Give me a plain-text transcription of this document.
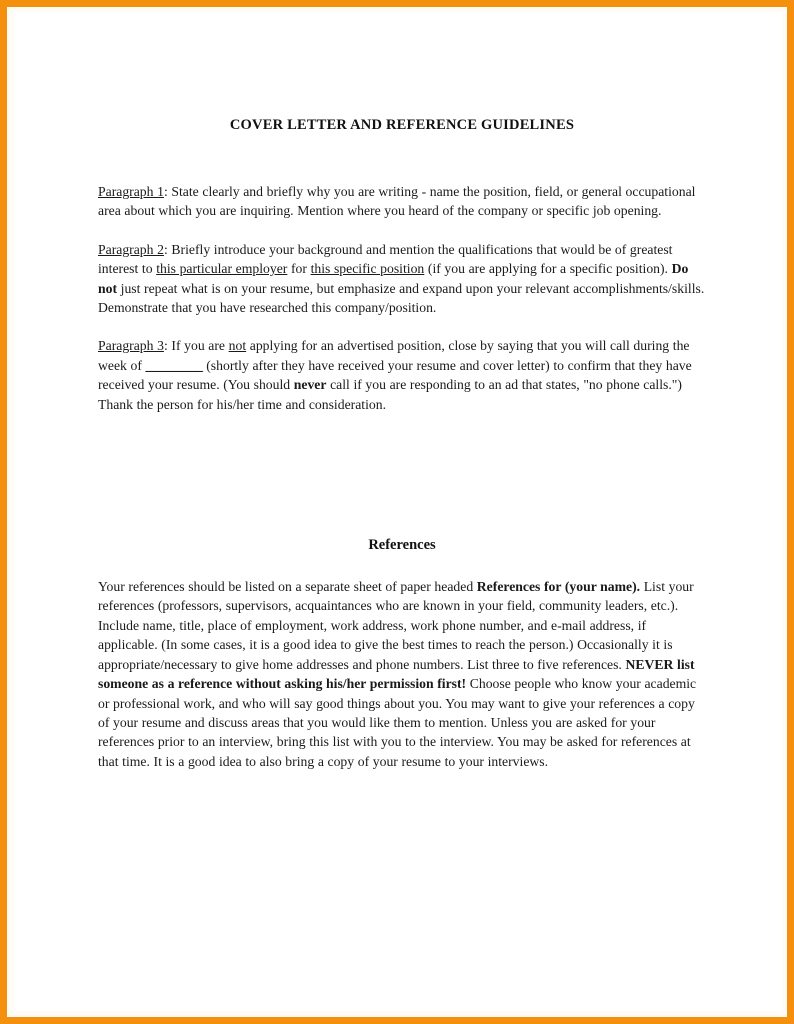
COVER LETTER AND REFERENCE GUIDELINES

Paragraph 1: State clearly and briefly why you are writing - name the position, field, or general occupational area about which you are inquiring. Mention where you heard of the company or specific job opening.

Paragraph 2: Briefly introduce your background and mention the qualifications that would be of greatest interest to this particular employer for this specific position (if you are applying for a specific position). Do not just repeat what is on your resume, but emphasize and expand upon your relevant accomplishments/skills. Demonstrate that you have researched this company/position.

Paragraph 3: If you are not applying for an advertised position, close by saying that you will call during the week of _________ (shortly after they have received your resume and cover letter) to confirm that they have received your resume. (You should never call if you are responding to an ad that states, "no phone calls.") Thank the person for his/her time and consideration.

References

Your references should be listed on a separate sheet of paper headed References for (your name). List your references (professors, supervisors, acquaintances who are known in your field, community leaders, etc.). Include name, title, place of employment, work address, work phone number, and e-mail address, if applicable. (In some cases, it is a good idea to give the best times to reach the person.) Occasionally it is appropriate/necessary to give home addresses and phone numbers. List three to five references. NEVER list someone as a reference without asking his/her permission first! Choose people who know your academic or professional work, and who will say good things about you. You may want to give your references a copy of your resume and discuss areas that you would like them to mention. Unless you are asked for your references prior to an interview, bring this list with you to the interview. You may be asked for references at that time. It is a good idea to also bring a copy of your resume to your interviews.
